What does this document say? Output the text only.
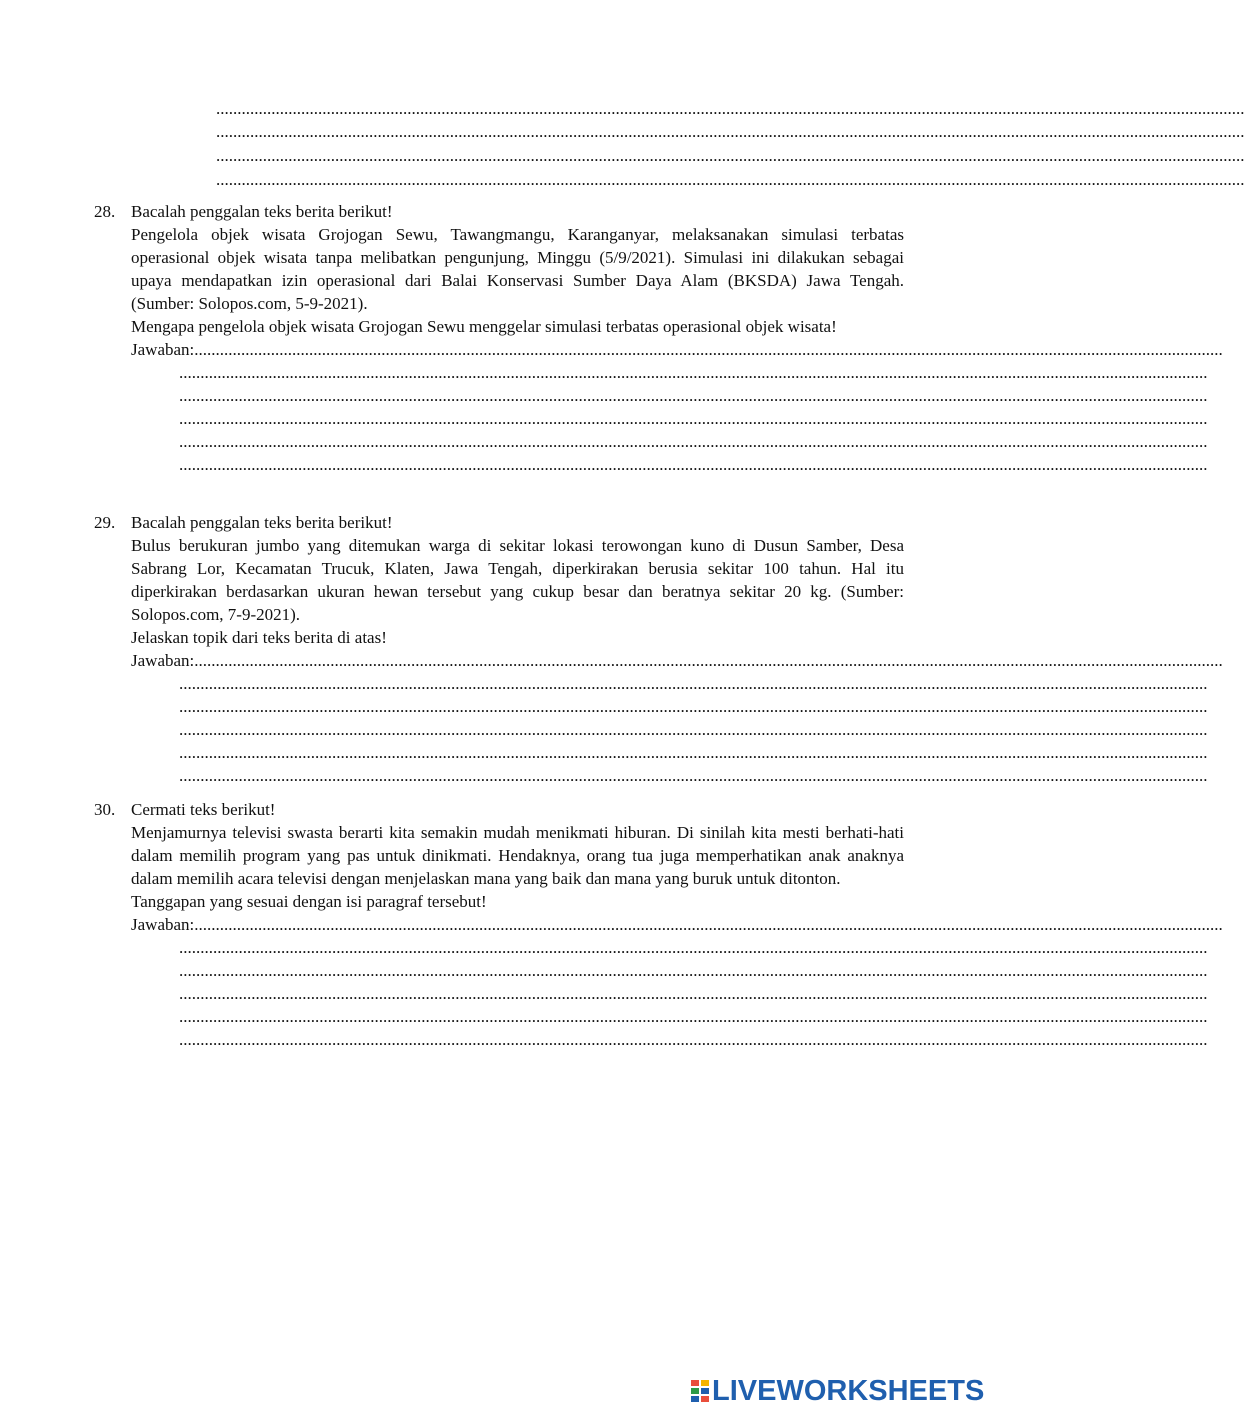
..................................................................................................................................................................................................................................................
..................................................................................................................................................................................................................................................
..................................................................................................................................................................................................................................................
..................................................................................................................................................................................................................................................
28. Bacalah penggalan teks berita berikut!

Pengelola objek wisata Grojogan Sewu, Tawangmangu, Karanganyar, melaksanakan simulasi terbatas operasional objek wisata tanpa melibatkan pengunjung, Minggu (5/9/2021). Simulasi ini dilakukan sebagai upaya mendapatkan izin operasional dari Balai Konservasi Sumber Daya Alam (BKSDA) Jawa Tengah. (Sumber: Solopos.com, 5-9-2021).

Mengapa pengelola objek wisata Grojogan Sewu menggelar simulasi terbatas operasional objek wisata!

Jawaban: ..................................................................................................................................................................................................................................................
..................................................................................................................................................................................................................................................
..................................................................................................................................................................................................................................................
..................................................................................................................................................................................................................................................
..................................................................................................................................................................................................................................................
..................................................................................................................................................................................................................................................
29. Bacalah penggalan teks berita berikut!

Bulus berukuran jumbo yang ditemukan warga di sekitar lokasi terowongan kuno di Dusun Samber, Desa Sabrang Lor, Kecamatan Trucuk, Klaten, Jawa Tengah, diperkirakan berusia sekitar 100 tahun. Hal itu diperkirakan berdasarkan ukuran hewan tersebut yang cukup besar dan beratnya sekitar 20 kg. (Sumber: Solopos.com, 7-9-2021).

Jelaskan topik dari teks berita di atas!

Jawaban: ..................................................................................................................................................................................................................................................
..................................................................................................................................................................................................................................................
..................................................................................................................................................................................................................................................
..................................................................................................................................................................................................................................................
..................................................................................................................................................................................................................................................
..................................................................................................................................................................................................................................................
30. Cermati teks berikut!

Menjamurnya televisi swasta berarti kita semakin mudah menikmati hiburan. Di sinilah kita mesti berhati-hati dalam memilih program yang pas untuk dinikmati. Hendaknya, orang tua juga memperhatikan anak anaknya dalam memilih acara televisi dengan menjelaskan mana yang baik dan mana yang buruk untuk ditonton.

Tanggapan yang sesuai dengan isi paragraf tersebut!

Jawaban: ..................................................................................................................................................................................................................................................
..................................................................................................................................................................................................................................................
..................................................................................................................................................................................................................................................
..................................................................................................................................................................................................................................................
..................................................................................................................................................................................................................................................
..................................................................................................................................................................................................................................................
LIVEWORKSHEETS
